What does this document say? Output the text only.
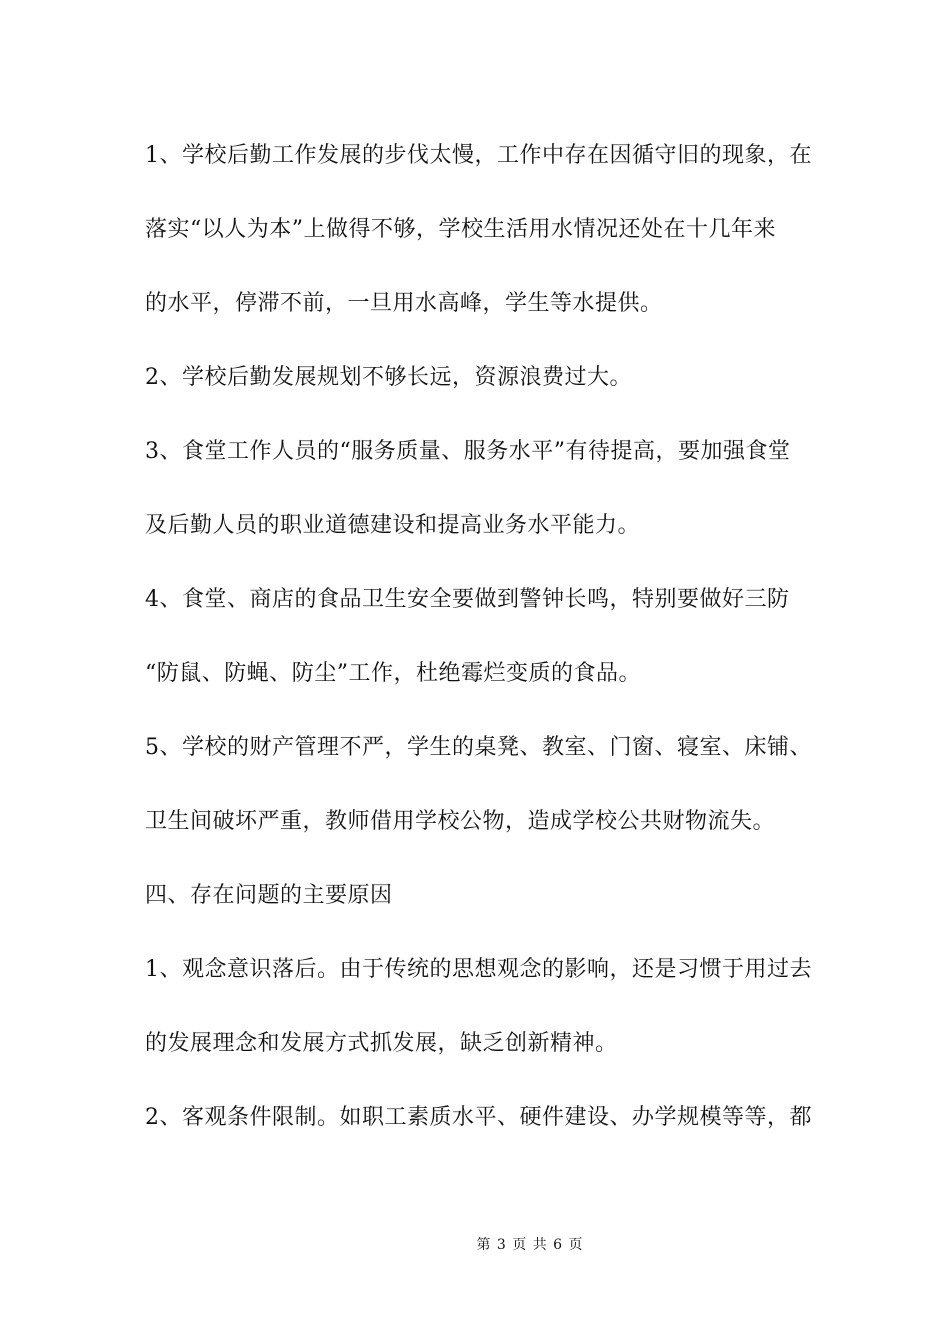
1、学校后勤工作发展的步伐太慢，工作中存在因循守旧的现象，在
落实“以人为本”上做得不够，学校生活用水情况还处在十几年来
的水平，停滞不前，一旦用水高峰，学生等水提供。
2、学校后勤发展规划不够长远，资源浪费过大。
3、食堂工作人员的“服务质量、服务水平”有待提高，要加强食堂
及后勤人员的职业道德建设和提高业务水平能力。
4、食堂、商店的食品卫生安全要做到警钟长鸣，特别要做好三防
“防鼠、防蝇、防尘”工作，杜绝霉烂变质的食品。
5、学校的财产管理不严，学生的桌凳、教室、门窗、寝室、床铺、
卫生间破坏严重，教师借用学校公物，造成学校公共财物流失。
四、存在问题的主要原因
1、观念意识落后。由于传统的思想观念的影响，还是习惯于用过去
的发展理念和发展方式抓发展，缺乏创新精神。
2、客观条件限制。如职工素质水平、硬件建设、办学规模等等，都
第 3 页 共 6 页
